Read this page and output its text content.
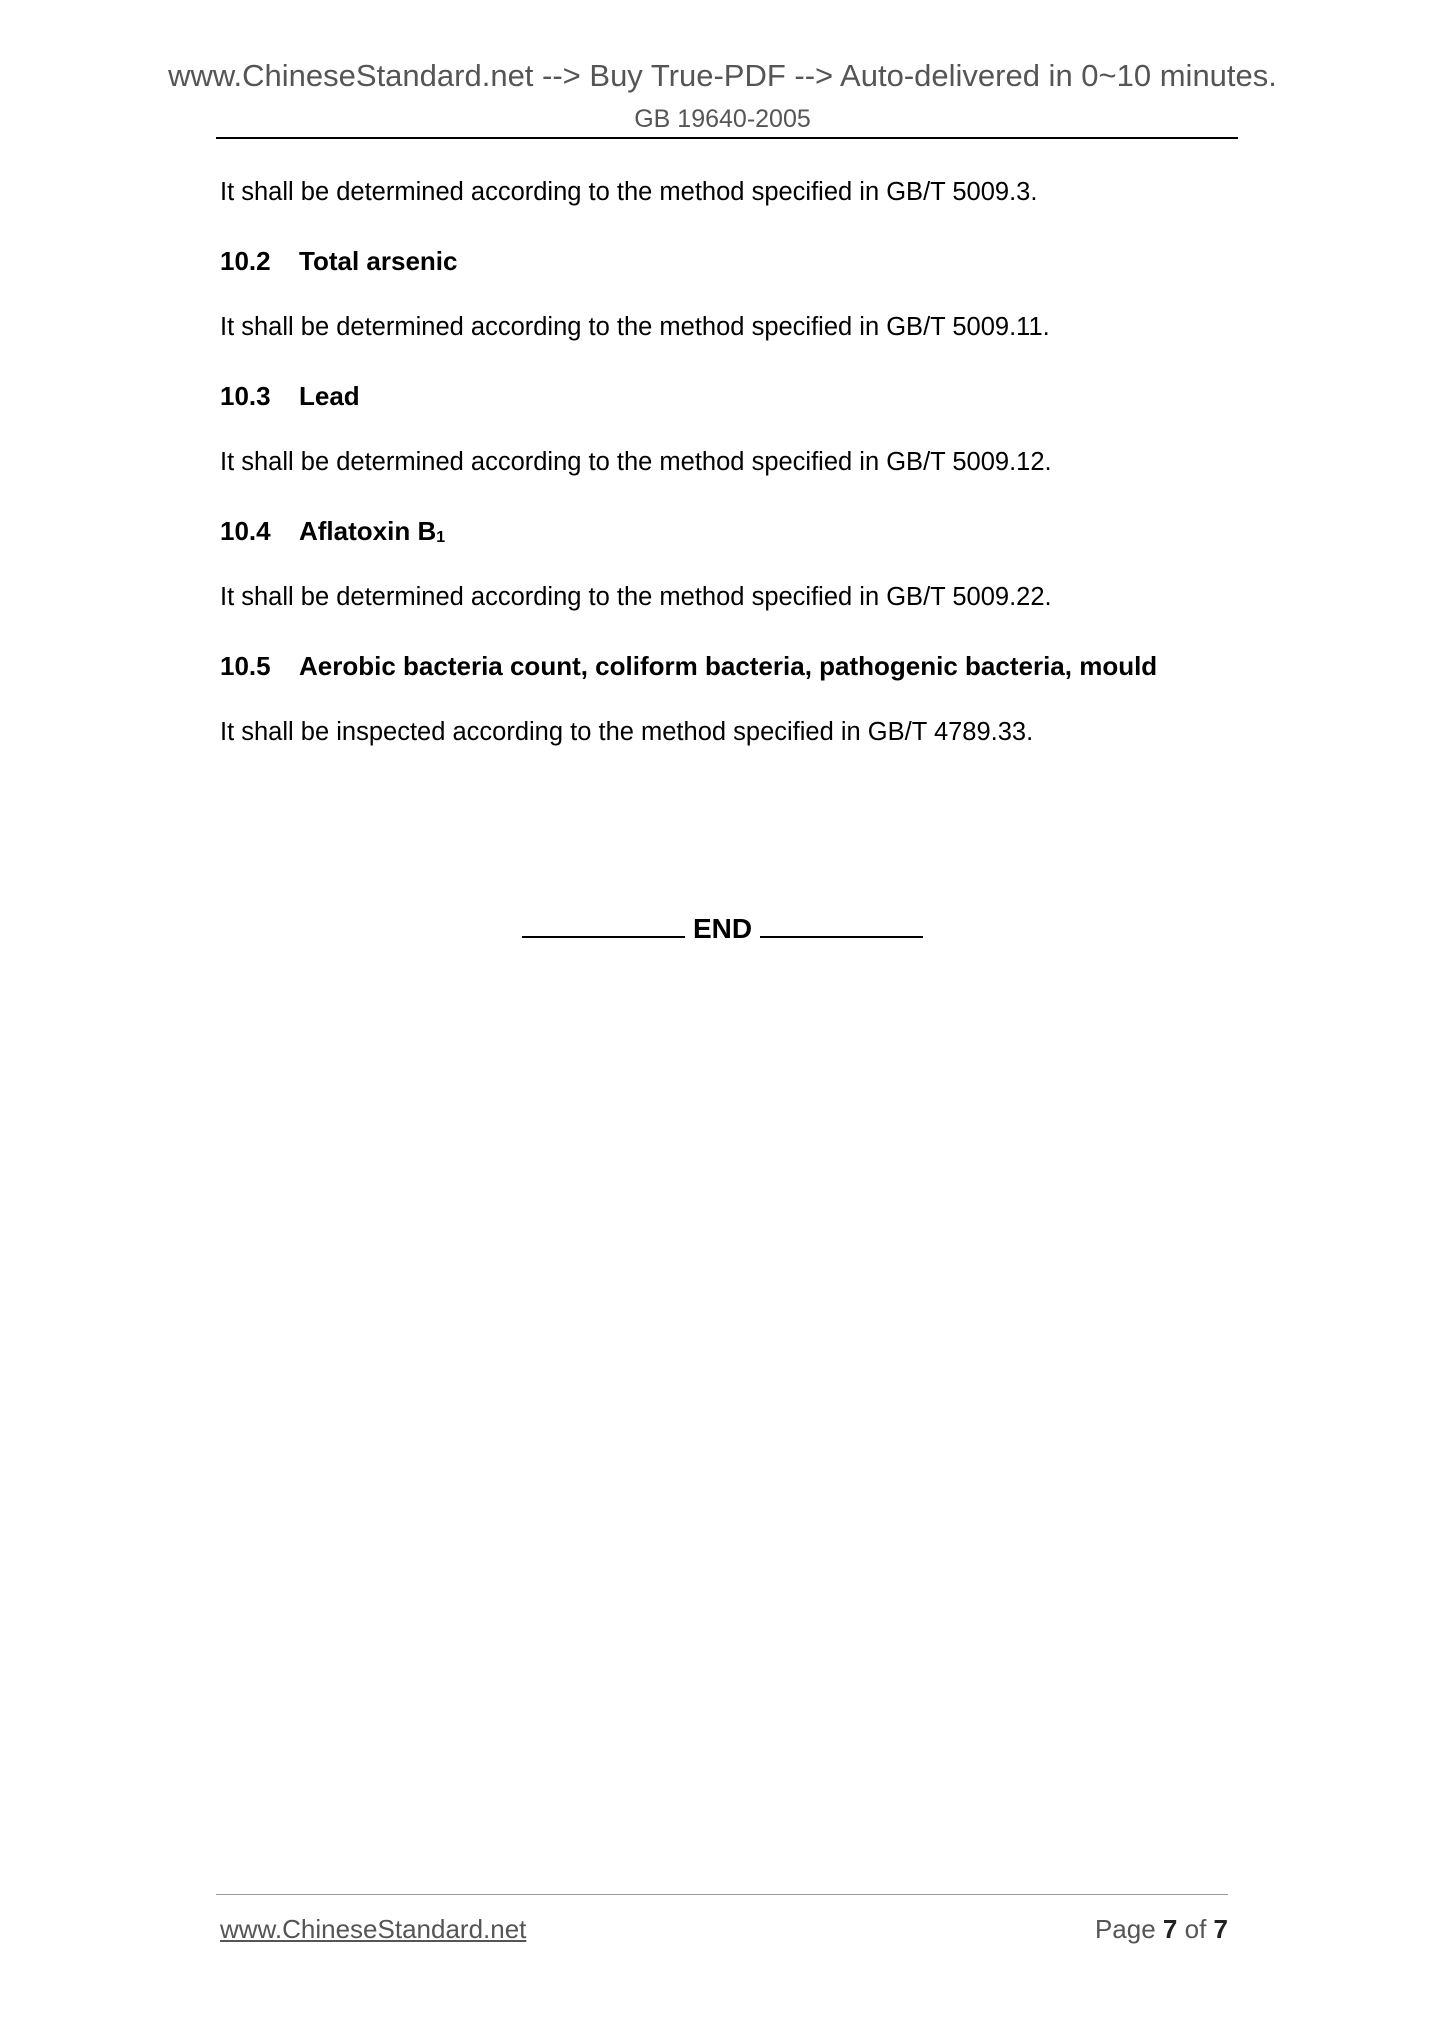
www.ChineseStandard.net --> Buy True-PDF --> Auto-delivered in 0~10 minutes.
GB 19640-2005
It shall be determined according to the method specified in GB/T 5009.3.
10.2 Total arsenic
It shall be determined according to the method specified in GB/T 5009.11.
10.3 Lead
It shall be determined according to the method specified in GB/T 5009.12.
10.4 Aflatoxin $B_1$
It shall be determined according to the method specified in GB/T 5009.22.
10.5 Aerobic bacteria count, coliform bacteria, pathogenic bacteria, mould
It shall be inspected according to the method specified in GB/T 4789.33.
END
www.ChineseStandard.net	Page 7 of 7
